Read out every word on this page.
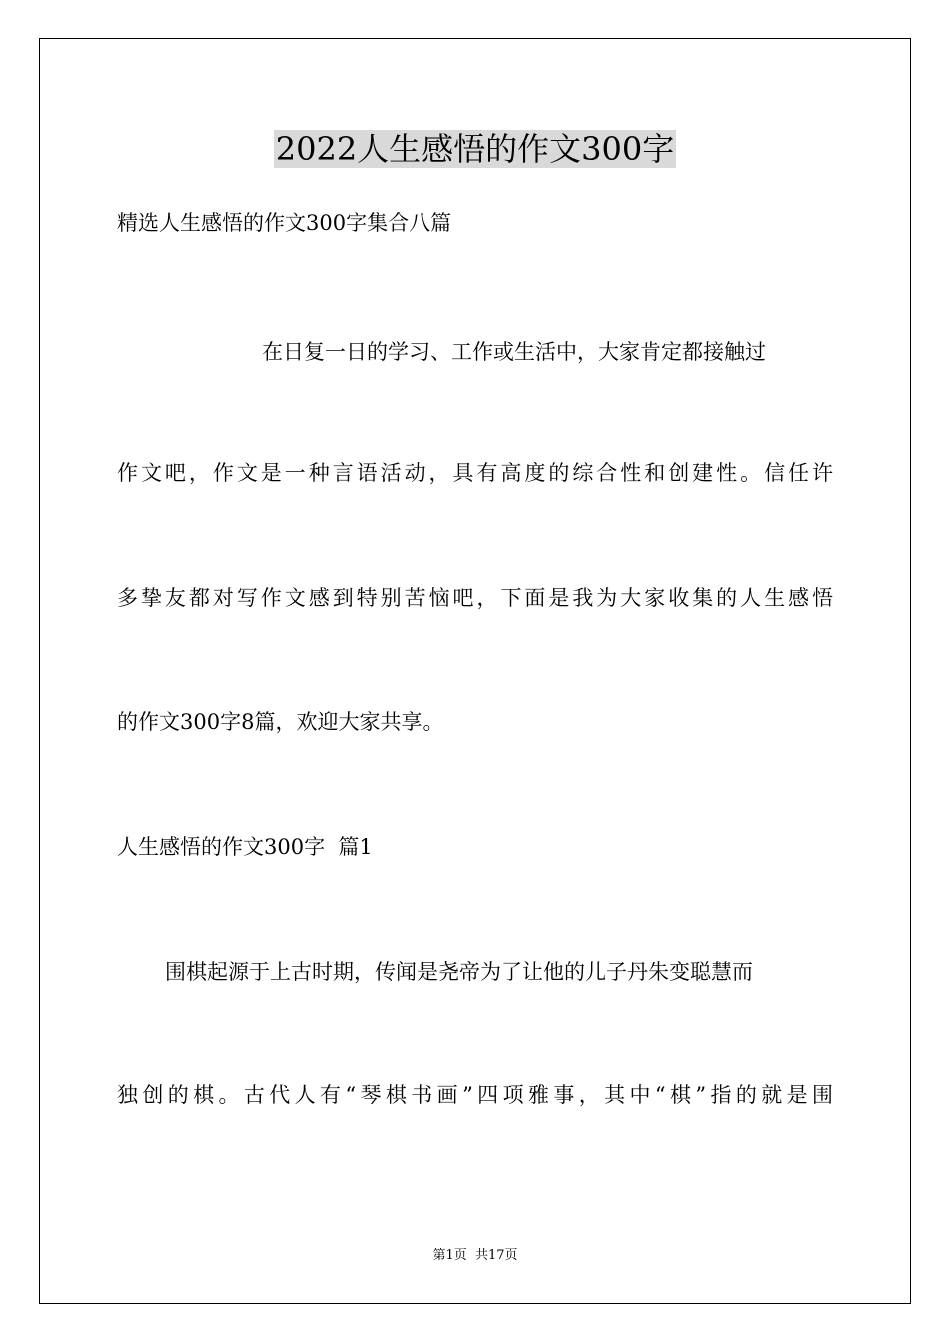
2022人生感悟的作文300字
精选人生感悟的作文300字集合八篇
在日复一日的学习、工作或生活中，大家肯定都接触过
作文吧，作文是一种言语活动，具有高度的综合性和创建性。信任许
多挚友都对写作文感到特别苦恼吧，下面是我为大家收集的人生感悟
的作文300字8篇，欢迎大家共享。
人生感悟的作文300字  篇1
围棋起源于上古时期，传闻是尧帝为了让他的儿子丹朱变聪慧而
独创的棋。古代人有“琴棋书画”四项雅事，其中“棋”指的就是围
第1页  共17页
